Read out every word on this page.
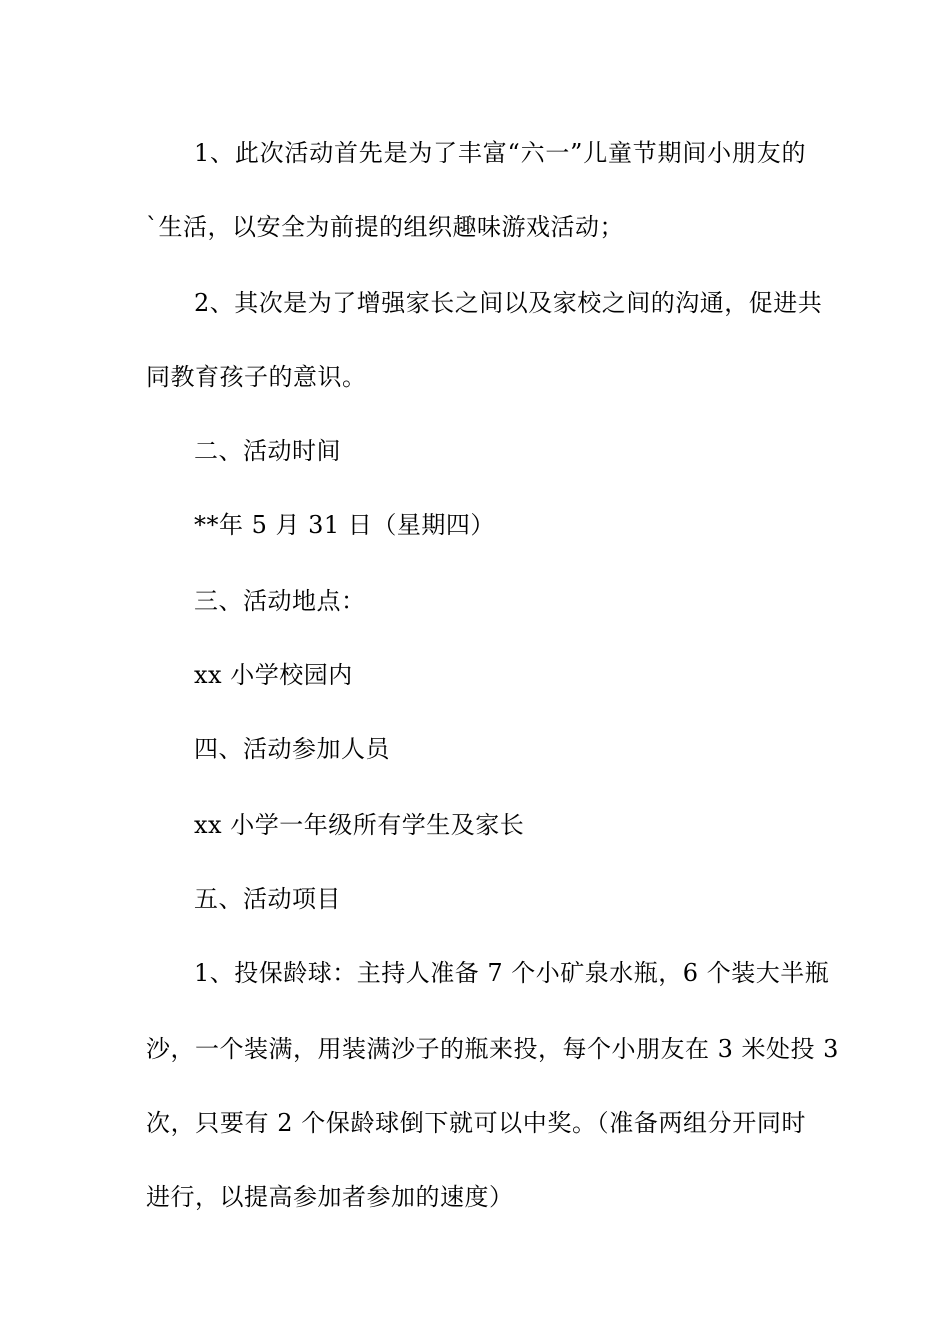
1、此次活动首先是为了丰富“六一”儿童节期间小朋友的
`生活，以安全为前提的组织趣味游戏活动；
2、其次是为了增强家长之间以及家校之间的沟通，促进共
同教育孩子的意识。
二、活动时间
**年 5 月 31 日（星期四）
三、活动地点：
xx 小学校园内
四、活动参加人员
xx 小学一年级所有学生及家长
五、活动项目
1、投保龄球：主持人准备 7 个小矿泉水瓶，6 个装大半瓶
沙，一个装满，用装满沙子的瓶来投，每个小朋友在 3 米处投 3
次，只要有 2 个保龄球倒下就可以中奖。（准备两组分开同时
进行，以提高参加者参加的速度）
